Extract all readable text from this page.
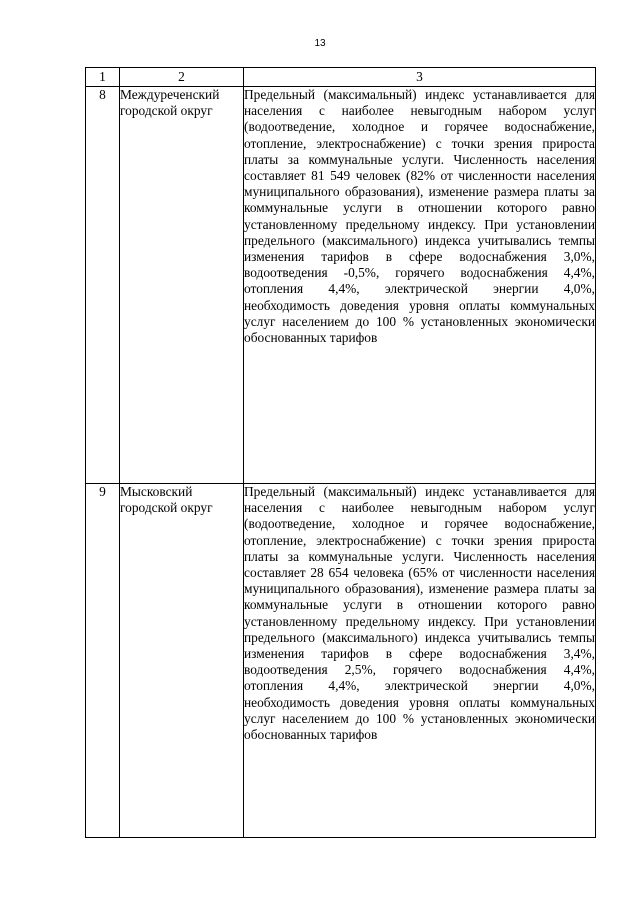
13
1	2	3
8	Междуреченский городской округ	Предельный (максимальный) индекс устанавливается для населения с наиболее невыгодным набором услуг (водоотведение, холодное и горячее водоснабжение, отопление, электроснабжение) с точки зрения прироста платы за коммунальные услуги. Численность населения составляет 81 549 человек (82% от численности населения муниципального образования), изменение размера платы за коммунальные услуги в отношении которого равно установленному предельному индексу. При установлении предельного (максимального) индекса учитывались темпы изменения тарифов в сфере водоснабжения 3,0%, водоотведения -0,5%, горячего водоснабжения 4,4%, отопления 4,4%, электрической энергии 4,0%, необходимость доведения уровня оплаты коммунальных услуг населением до 100 % установленных экономически обоснованных тарифов

9	Мысковский городской округ	Предельный (максимальный) индекс устанавливается для населения с наиболее невыгодным набором услуг (водоотведение, холодное и горячее водоснабжение, отопление, электроснабжение) с точки зрения прироста платы за коммунальные услуги. Численность населения составляет 28 654 человека (65% от численности населения муниципального образования), изменение размера платы за коммунальные услуги в отношении которого равно установленному предельному индексу. При установлении предельного (максимального) индекса учитывались темпы изменения тарифов в сфере водоснабжения 3,4%, водоотведения 2,5%, горячего водоснабжения 4,4%, отопления 4,4%, электрической энергии 4,0%, необходимость доведения уровня оплаты коммунальных услуг населением до 100 % установленных экономически обоснованных тарифов
